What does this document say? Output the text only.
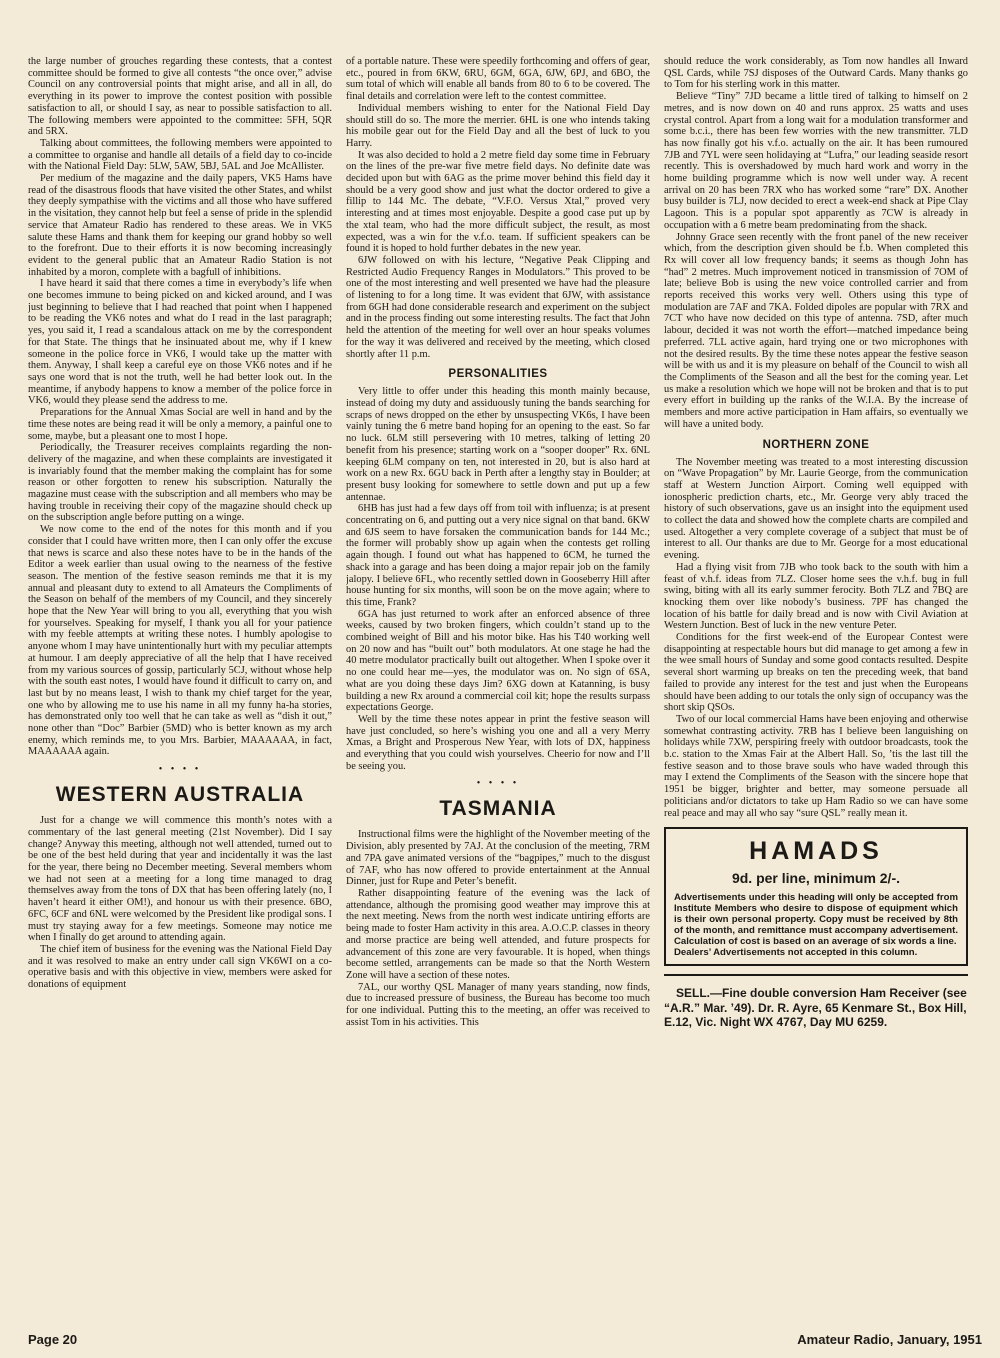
the large number of grouches regarding these contests, that a contest committee should be formed to give all contests “the once over,” advise Council on any controversial points that might arise, and all in all, do everything in its power to improve the contest position with possible satisfaction to all, or should I say, as near to possible satisfaction to all. The following members were appointed to the committee: 5FH, 5QR and 5RX.

Talking about committees, the following members were appointed to a committee to organise and handle all details of a field day to co-incide with the National Field Day: 5LW, 5AW, 5BJ, 5AL and Joe McAllister.

Per medium of the magazine and the daily papers, VK5 Hams have read of the disastrous floods that have visited the other States, and whilst they deeply sympathise with the victims and all those who have suffered in the visitation, they cannot help but feel a sense of pride in the splendid service that Amateur Radio has rendered to these areas. We in VK5 salute these Hams and thank them for keeping our grand hobby so well to the forefront. Due to their efforts it is now becoming increasingly evident to the general public that an Amateur Radio Station is not inhabited by a moron, complete with a bagfull of inhibitions.

I have heard it said that there comes a time in everybody’s life when one becomes immune to being picked on and kicked around, and I was just beginning to believe that I had reached that point when I happened to be reading the VK6 notes and what do I read in the last paragraph; yes, you said it, I read a scandalous attack on me by the correspondent for that State. The things that he insinuated about me, why if I knew someone in the police force in VK6, I would take up the matter with them. Anyway, I shall keep a careful eye on those VK6 notes and if he says one word that is not the truth, well he had better look out. In the meantime, if anybody happens to know a member of the police force in VK6, would they please send the address to me.

Preparations for the Annual Xmas Social are well in hand and by the time these notes are being read it will be only a memory, a painful one to some, maybe, but a pleasant one to most I hope.

Periodically, the Treasurer receives complaints regarding the non-delivery of the magazine, and when these complaints are investigated it is invariably found that the member making the complaint has for some reason or other forgotten to renew his subscription. Naturally the magazine must cease with the subscription and all members who may be having trouble in receiving their copy of the magazine should check up on the subscription angle before putting on a winge.

We now come to the end of the notes for this month and if you consider that I could have written more, then I can only offer the excuse that news is scarce and also these notes have to be in the hands of the Editor a week earlier than usual owing to the nearness of the festive season. The mention of the festive season reminds me that it is my annual and pleasant duty to extend to all Amateurs the Compliments of the Season on behalf of the members of my Council, and they sincerely hope that the New Year will bring to you all, everything that you wish for yourselves. Speaking for myself, I thank you all for your patience with my feeble attempts at writing these notes. I humbly apologise to anyone whom I may have unintentionally hurt with my peculiar attempts at humour. I am deeply appreciative of all the help that I have received from my various sources of gossip, particularly 5CJ, without whose help with the south east notes, I would have found it difficult to carry on, and last but by no means least, I wish to thank my chief target for the year, one who by allowing me to use his name in all my funny ha-ha stories, has demonstrated only too well that he can take as well as “dish it out,” none other than “Doc” Barbier (5MD) who is better known as my arch enemy, which reminds me, to you Mrs. Barbier, MAAAAAA, in fact, MAAAAAA again.

• • • •
WESTERN AUSTRALIA

Just for a change we will commence this month’s notes with a commentary of the last general meeting (21st November). Did I say change? Anyway this meeting, although not well attended, turned out to be one of the best held during that year and incidentally it was the last for the year, there being no December meeting. Several members whom we had not seen at a meeting for a long time managed to drag themselves away from the tons of DX that has been offering lately (no, I haven’t heard it either OM!), and honour us with their presence. 6BO, 6FC, 6CF and 6NL were welcomed by the President like prodigal sons. I must try staying away for a few meetings. Someone may notice me when I finally do get around to attending again.

The chief item of business for the evening was the National Field Day and it was resolved to make an entry under call sign VK6WI on a co-operative basis and with this objective in view, members were asked for donations of equipment

of a portable nature. These were speedily forthcoming and offers of gear, etc., poured in from 6KW, 6RU, 6GM, 6GA, 6JW, 6PJ, and 6BO, the sum total of which will enable all bands from 80 to 6 to be covered. The final details and correlation were left to the contest committee.

Individual members wishing to enter for the National Field Day should still do so. The more the merrier. 6HL is one who intends taking his mobile gear out for the Field Day and all the best of luck to you Harry.

It was also decided to hold a 2 metre field day some time in February on the lines of the pre-war five metre field days. No definite date was decided upon but with 6AG as the prime mover behind this field day it should be a very good show and just what the doctor ordered to give a fillip to 144 Mc. The debate, “V.F.O. Versus Xtal,” proved very interesting and at times most enjoyable. Despite a good case put up by the xtal team, who had the more difficult subject, the result, as most expected, was a win for the v.f.o. team. If sufficient speakers can be found it is hoped to hold further debates in the new year.

6JW followed on with his lecture, “Negative Peak Clipping and Restricted Audio Frequency Ranges in Modulators.” This proved to be one of the most interesting and well presented we have had the pleasure of listening to for a long time. It was evident that 6JW, with assistance from 6GH had done considerable research and experiment on the subject and in the process finding out some interesting results. The fact that John held the attention of the meeting for well over an hour speaks volumes for the way it was delivered and received by the meeting, which closed shortly after 11 p.m.

PERSONALITIES

Very little to offer under this heading this month mainly because, instead of doing my duty and assiduously tuning the bands searching for scraps of news dropped on the ether by unsuspecting VK6s, I have been vainly tuning the 6 metre band hoping for an opening to the east. So far no luck. 6LM still persevering with 10 metres, talking of letting 20 benefit from his presence; starting work on a “sooper dooper” Rx. 6NL keeping 6LM company on ten, not interested in 20, but is also hard at work on a new Rx. 6GU back in Perth after a lengthy stay in Boulder; at present busy looking for somewhere to settle down and put up a few antennae.

6HB has just had a few days off from toil with influenza; is at present concentrating on 6, and putting out a very nice signal on that band. 6KW and 6JS seem to have forsaken the communication bands for 144 Mc.; the former will probably show up again when the contests get rolling again though. I found out what has happened to 6CM, he turned the shack into a garage and has been doing a major repair job on the family jalopy. I believe 6FL, who recently settled down in Gooseberry Hill after house hunting for six months, will soon be on the move again; where to this time, Frank?

6GA has just returned to work after an enforced absence of three weeks, caused by two broken fingers, which couldn’t stand up to the combined weight of Bill and his motor bike. Has his T40 working well on 20 now and has “built out” both modulators. At one stage he had the 40 metre modulator practically built out altogether. When I spoke over it no one could hear me—yes, the modulator was on. No sign of 6SA, what are you doing these days Jim? 6XG down at Katanning, is busy building a new Rx around a commercial coil kit; hope the results surpass expectations George.

Well by the time these notes appear in print the festive season will have just concluded, so here’s wishing you one and all a very Merry Xmas, a Bright and Prosperous New Year, with lots of DX, happiness and everything that you could wish yourselves. Cheerio for now and I’ll be seeing you.

• • • •
TASMANIA

Instructional films were the highlight of the November meeting of the Division, ably presented by 7AJ. At the conclusion of the meeting, 7RM and 7PA gave animated versions of the “bagpipes,” much to the disgust of 7AF, who has now offered to provide entertainment at the Annual Dinner, just for Rupe and Peter’s benefit.

Rather disappointing feature of the evening was the lack of attendance, although the promising good weather may improve this at the next meeting. News from the north west indicate untiring efforts are being made to foster Ham activity in this area. A.O.C.P. classes in theory and morse practice are being well attended, and future prospects for advancement of this zone are very favourable. It is hoped, when things become settled, arrangements can be made so that the North Western Zone will have a section of these notes.

7AL, our worthy QSL Manager of many years standing, now finds, due to increased pressure of business, the Bureau has become too much for one individual. Putting this to the meeting, an offer was received to assist Tom in his activities. This

should reduce the work considerably, as Tom now handles all Inward QSL Cards, while 7SJ disposes of the Outward Cards. Many thanks go to Tom for his sterling work in this matter.

Believe “Tiny” 7JD became a little tired of talking to himself on 2 metres, and is now down on 40 and runs approx. 25 watts and uses crystal control. Apart from a long wait for a modulation transformer and some b.c.i., there has been few worries with the new transmitter. 7LD has now finally got his v.f.o. actually on the air. It has been rumoured 7JB and 7YL were seen holidaying at “Lufra,” our leading seaside resort recently. This is overshadowed by much hard work and worry in the home building programme which is now well under way. A recent arrival on 20 has been 7RX who has worked some “rare” DX. Another busy builder is 7LJ, now decided to erect a week-end shack at Pipe Clay Lagoon. This is a popular spot apparently as 7CW is already in occupation with a 6 metre beam predominating from the shack.

Johnny Grace seen recently with the front panel of the new receiver which, from the description given should be f.b. When completed this Rx will cover all low frequency bands; it seems as though John has “had” 2 metres. Much improvement noticed in transmission of 7OM of late; believe Bob is using the new voice controlled carrier and from reports received this works very well. Others using this type of modulation are 7AF and 7KA. Folded dipoles are popular with 7RX and 7CT who have now decided on this type of antenna. 7SD, after much labour, decided it was not worth the effort—matched impedance being preferred. 7LL active again, hard trying one or two microphones with not the desired results. By the time these notes appear the festive season will be with us and it is my pleasure on behalf of the Council to wish all the Compliments of the Season and all the best for the coming year. Let us make a resolution which we hope will not be broken and that is to put every effort in building up the ranks of the W.I.A. By the increase of members and more active participation in Ham affairs, so eventually we will have a united body.

NORTHERN ZONE

The November meeting was treated to a most interesting discussion on “Wave Propagation” by Mr. Laurie George, from the communication staff at Western Junction Airport. Coming well equipped with ionospheric prediction charts, etc., Mr. George very ably traced the history of such observations, gave us an insight into the equipment used to collect the data and showed how the complete charts are compiled and used. Altogether a very complete coverage of a subject that must be of interest to all. Our thanks are due to Mr. George for a most educational evening.

Had a flying visit from 7JB who took back to the south with him a feast of v.h.f. ideas from 7LZ. Closer home sees the v.h.f. bug in full swing, biting with all its early summer ferocity. Both 7LZ and 7BQ are knocking them over like nobody’s business. 7PF has changed the location of his battle for daily bread and is now with Civil Aviation at Western Junction. Best of luck in the new venture Peter.

Conditions for the first week-end of the Europear Contest were disappointing at respectable hours but did manage to get among a few in the wee small hours of Sunday and some good contacts resulted. Despite several short warming up breaks on ten the preceding week, that band failed to provide any interest for the test and just when the Europeans should have been adding to our totals the only sign of occupancy was the short skip QSOs.

Two of our local commercial Hams have been enjoying and otherwise somewhat contrasting activity. 7RB has I believe been languishing on holidays while 7XW, perspiring freely with outdoor broadcasts, took the b.c. station to the Xmas Fair at the Albert Hall. So, ’tis the last till the festive season and to those brave souls who have waded through this may I extend the Compliments of the Season with the sincere hope that 1951 be bigger, brighter and better, may someone persuade all politicians and/or dictators to take up Ham Radio so we can have some real peace and may all who say “sure QSL” really mean it.

HAMADS
9d. per line, minimum 2/-.
Advertisements under this heading will only be accepted from Institute Members who desire to dispose of equipment which is their own personal property. Copy must be received by 8th of the month, and remittance must accompany advertisement. Calculation of cost is based on an average of six words a line.
Dealers’ Advertisements not accepted in this column.

SELL.—Fine double conversion Ham Receiver (see “A.R.” Mar. ’49). Dr. R. Ayre, 65 Kenmare St., Box Hill, E.12, Vic. Night WX 4767, Day MU 6259.

Page 20	Amateur Radio, January, 1951
